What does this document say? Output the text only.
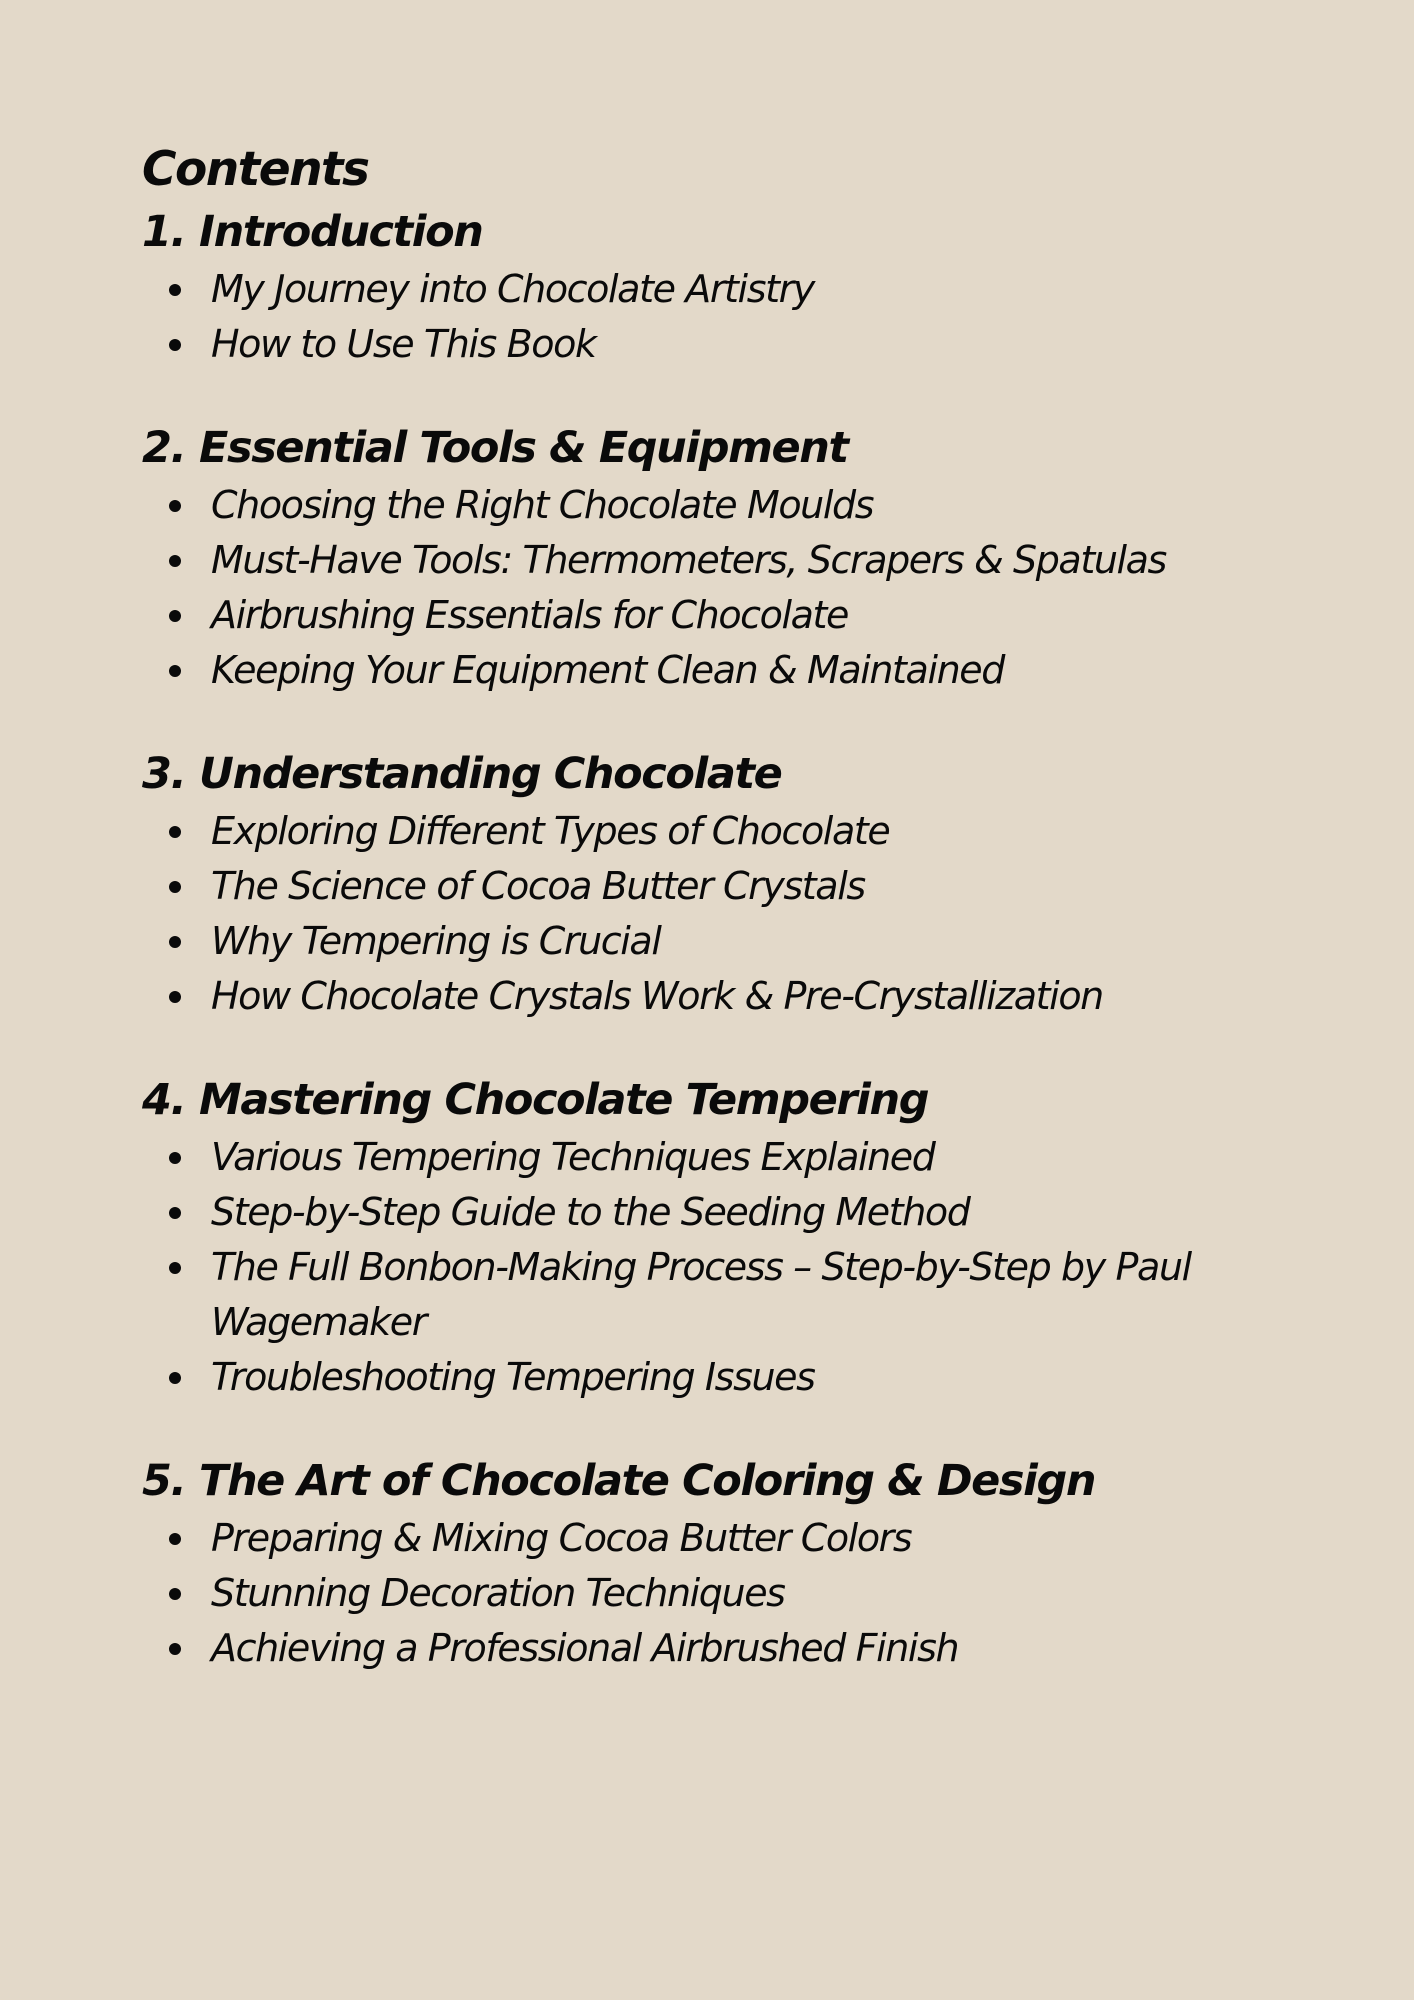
Contents
1. Introduction
My Journey into Chocolate Artistry
How to Use This Book
2. Essential Tools & Equipment
Choosing the Right Chocolate Moulds
Must-Have Tools: Thermometers, Scrapers & Spatulas
Airbrushing Essentials for Chocolate
Keeping Your Equipment Clean & Maintained
3. Understanding Chocolate
Exploring Different Types of Chocolate
The Science of Cocoa Butter Crystals
Why Tempering is Crucial
How Chocolate Crystals Work & Pre-Crystallization
4. Mastering Chocolate Tempering
Various Tempering Techniques Explained
Step-by-Step Guide to the Seeding Method
The Full Bonbon-Making Process – Step-by-Step by Paul Wagemaker
Troubleshooting Tempering Issues
5. The Art of Chocolate Coloring & Design
Preparing & Mixing Cocoa Butter Colors
Stunning Decoration Techniques
Achieving a Professional Airbrushed Finish
